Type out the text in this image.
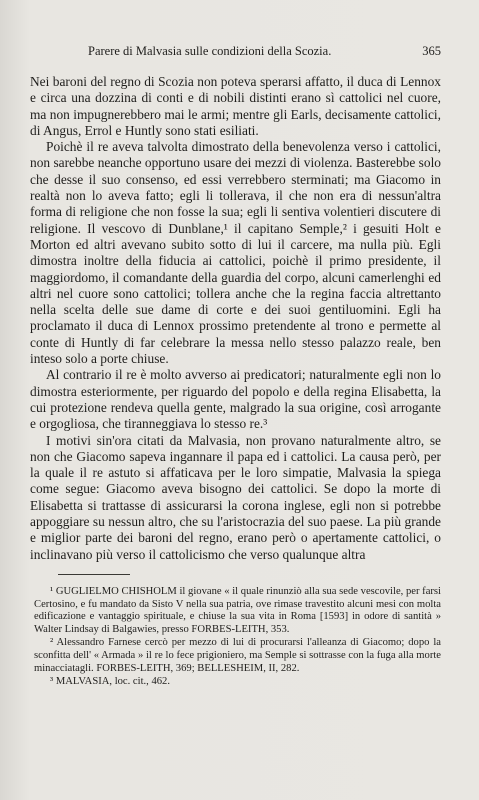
Parere di Malvasia sulle condizioni della Scozia.	365

Nei baroni del regno di Scozia non poteva sperarsi affatto, il duca di Lennox e circa una dozzina di conti e di nobili distinti erano sì cattolici nel cuore, ma non impugnerebbero mai le armi; mentre gli Earls, decisamente cattolici, di Angus, Errol e Huntly sono stati esiliati.

Poichè il re aveva talvolta dimostrato della benevolenza verso i cattolici, non sarebbe neanche opportuno usare dei mezzi di violenza. Basterebbe solo che desse il suo consenso, ed essi verrebbero sterminati; ma Giacomo in realtà non lo aveva fatto; egli li tollerava, il che non era di nessun'altra forma di religione che non fosse la sua; egli li sentiva volentieri discutere di religione. Il vescovo di Dunblane,¹ il capitano Semple,² i gesuiti Holt e Morton ed altri avevano subito sotto di lui il carcere, ma nulla più. Egli dimostra inoltre della fiducia ai cattolici, poichè il primo presidente, il maggiordomo, il comandante della guardia del corpo, alcuni camerlenghi ed altri nel cuore sono cattolici; tollera anche che la regina faccia altrettanto nella scelta delle sue dame di corte e dei suoi gentiluomini. Egli ha proclamato il duca di Lennox prossimo pretendente al trono e permette al conte di Huntly di far celebrare la messa nello stesso palazzo reale, ben inteso solo a porte chiuse.

Al contrario il re è molto avverso ai predicatori; naturalmente egli non lo dimostra esteriormente, per riguardo del popolo e della regina Elisabetta, la cui protezione rendeva quella gente, malgrado la sua origine, così arrogante e orgogliosa, che tiranneggiava lo stesso re.³

I motivi sin'ora citati da Malvasia, non provano naturalmente altro, se non che Giacomo sapeva ingannare il papa ed i cattolici. La causa però, per la quale il re astuto si affaticava per le loro simpatie, Malvasia la spiega come segue: Giacomo aveva bisogno dei cattolici. Se dopo la morte di Elisabetta si trattasse di assicurarsi la corona inglese, egli non si potrebbe appoggiare su nessun altro, che su l'aristocrazia del suo paese. La più grande e miglior parte dei baroni del regno, erano però o apertamente cattolici, o inclinavano più verso il cattolicismo che verso qualunque altra

¹ GUGLIELMO CHISHOLM il giovane « il quale rinunziò alla sua sede vescovile, per farsi Certosino, e fu mandato da Sisto V nella sua patria, ove rimase travestito alcuni mesi con molta edificazione e vantaggio spirituale, e chiuse la sua vita in Roma [1593] in odore di santità » Walter Lindsay di Balgawies, presso FORBES-LEITH, 353.

² Alessandro Farnese cercò per mezzo di lui di procurarsi l'alleanza di Giacomo; dopo la sconfitta dell' « Armada » il re lo fece prigioniero, ma Semple si sottrasse con la fuga alla morte minacciatagli. FORBES-LEITH, 369; BELLESHEIM, II, 282.

³ MALVASIA, loc. cit., 462.
